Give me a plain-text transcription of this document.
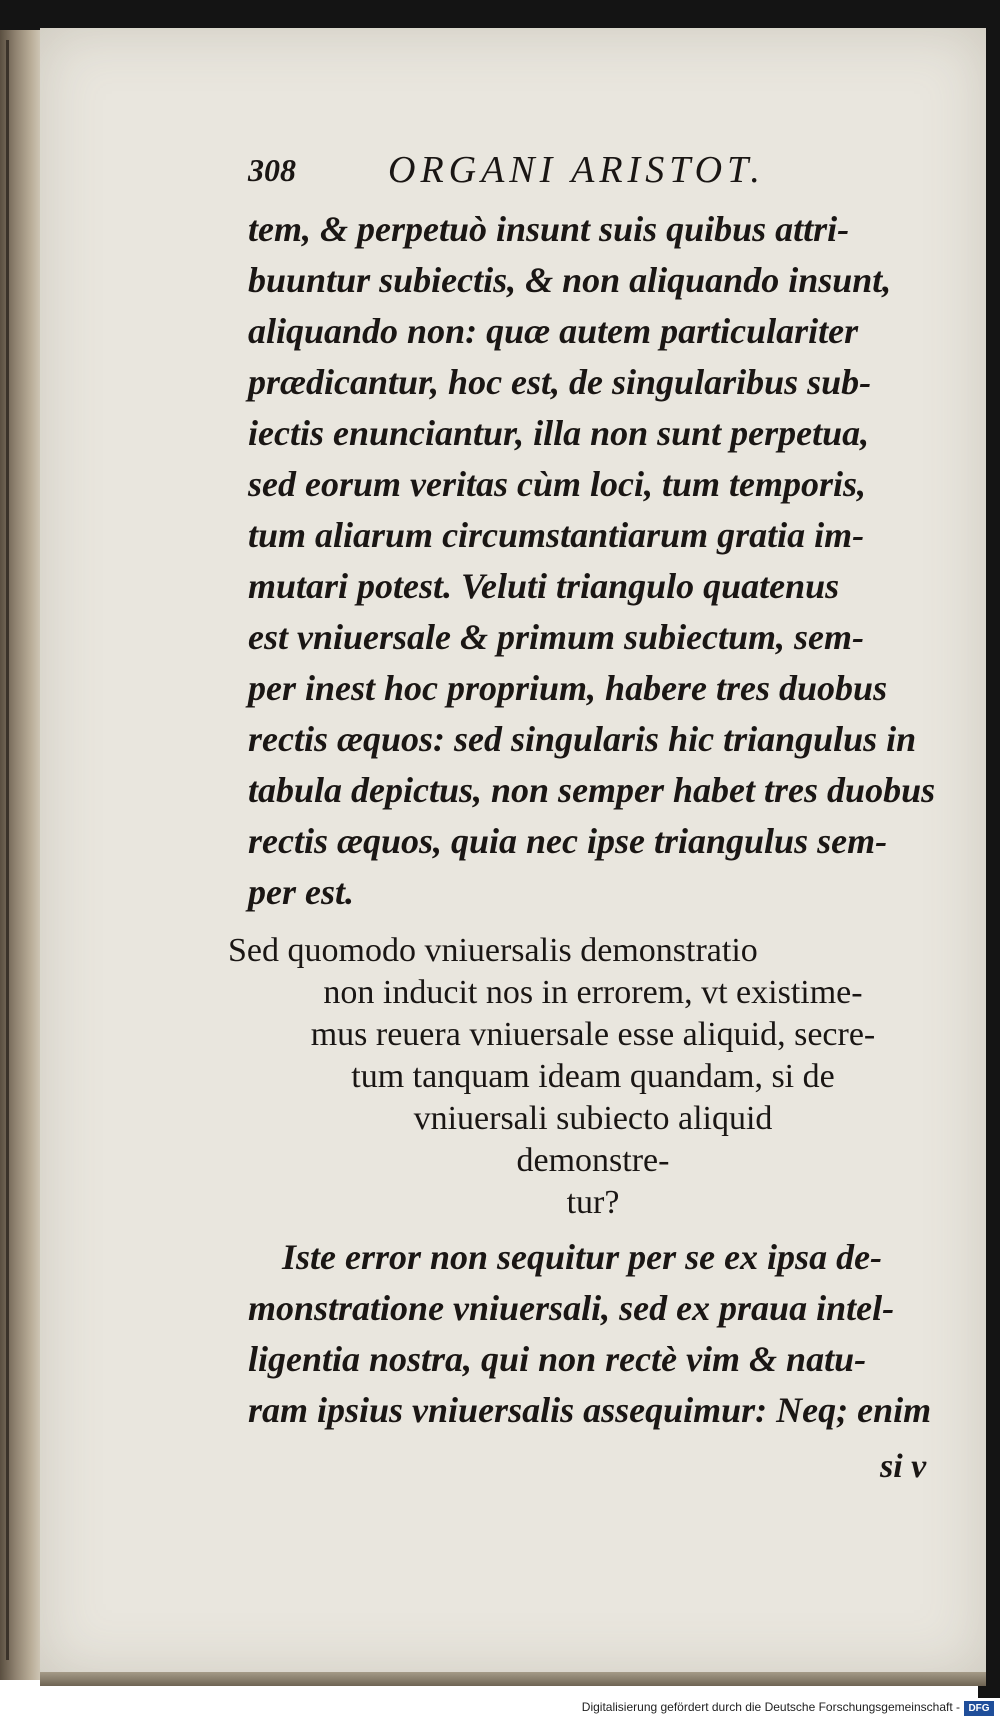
308 ORGANI ARISTOT.

tem, & perpetuò insunt suis quibus attri-
buuntur subiectis, & non aliquando insunt,
aliquando non: quæ autem particulariter
prædicantur, hoc est, de singularibus sub-
iectis enunciantur, illa non sunt perpetua,
sed eorum veritas cùm loci, tum temporis,
tum aliarum circumstantiarum gratia im-
mutari potest. Veluti triangulo quatenus
est vniuersale & primum subiectum, sem-
per inest hoc proprium, habere tres duobus
rectis æquos: sed singularis hic triangulus in
tabula depictus, non semper habet tres duobus
rectis æquos, quia nec ipse triangulus sem-
per est.

Sed quomodo vniuersalis demonstratio
non inducit nos in errorem, vt existime-
mus reuera vniuersale esse aliquid, secre-
tum tanquam ideam quandam, si de
vniuersali subiecto aliquid
demonstre-
tur?

Iste error non sequitur per se ex ipsa de-
monstratione vniuersali, sed ex praua intel-
ligentia nostra, qui non rectè vim & natu-
ram ipsius vniuersalis assequimur: Neq; enim

si v
Digitalisierung gefördert durch die Deutsche Forschungsgemeinschaft - DFG
